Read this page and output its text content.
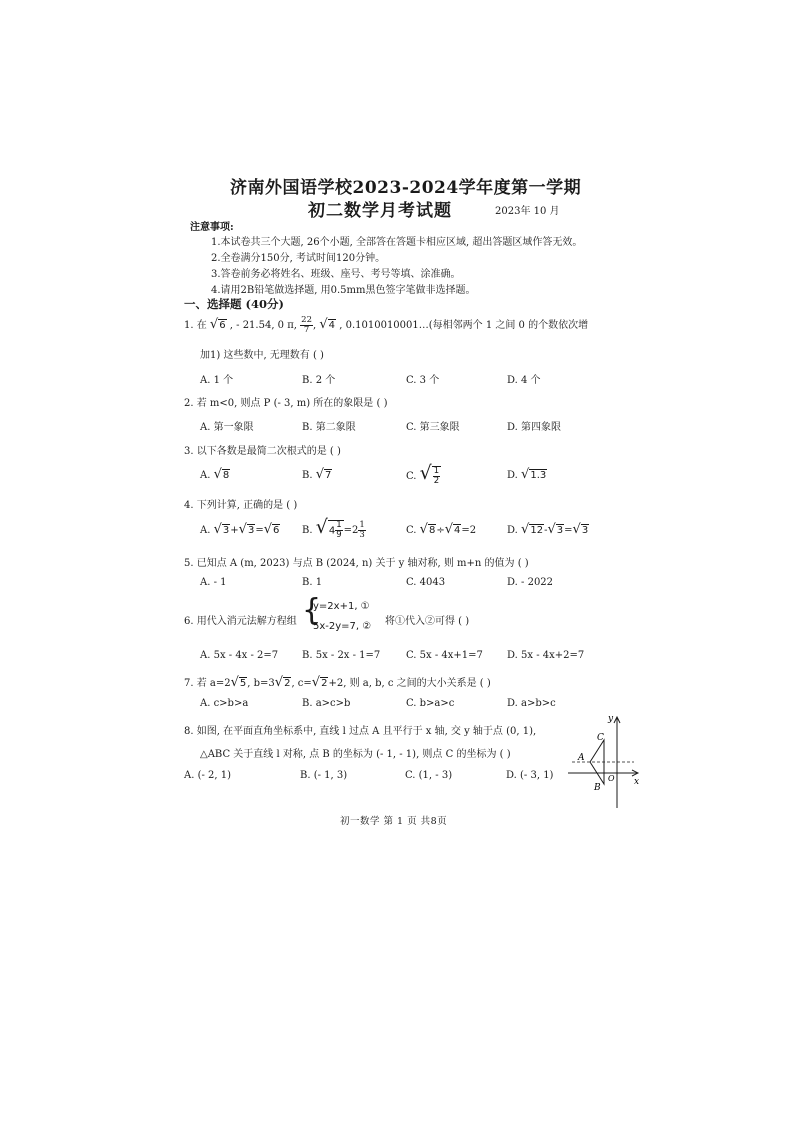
济南外国语学校2023-2024学年度第一学期
初二数学月考试题	2023年 10 月
注意事项:
1.本试卷共三个大题, 26个小题, 全部答在答题卡相应区域, 超出答题区域作答无效。
2.全卷满分150分, 考试时间120分钟。
3.答卷前务必将姓名、班级、座号、考号等填、涂准确。
4.请用2B铅笔做选择题, 用0.5mm黑色签字笔做非选择题。
一、选择题 (40分)
1. 在 √6 , - 21.54, 0 π, $\frac{22}{7}$ , √4 , 0.1010010001…(每相邻两个 1 之间 0 的个数依次增
加1) 这些数中, 无理数有 ( )
A. 1 个	B. 2 个	C. 3 个	D. 4 个
2. 若 m<0, 则点 P (- 3, m) 所在的象限是 ( )
A. 第一象限	B. 第二象限	C. 第三象限	D. 第四象限
3. 以下各数是最简二次根式的是 ( )
A. √8	B. √7	C. √ $\frac{1}{2}$	D. √1.3
4. 下列计算, 正确的是 ( )
A. √3+√3=√6 B. $√4 \frac{1}{9} =2 \frac{1}{3}$	C. √8÷√4=2	D. √12-√3=√3
5. 已知点 A (m, 2023) 与点 B (2024, n) 关于 y 轴对称, 则 m+n 的值为 ( )
A. - 1	B. 1	C. 4043	D. - 2022
6. 用代入消元法解方程组 {
y=2x+1, ①
5x-2y=7, ② 将①代入②可得 ( )
A. 5x - 4x - 2=7 B. 5x - 2x - 1=7	C. 5x - 4x+1=7 D. 5x - 4x+2=7
7. 若 a=2√5, b=3√2, c=√2+2, 则 a, b, c 之间的大小关系是 ( )
A. c>b>a	B. a>c>b	C. b>a>c	D. a>b>c
8. 如图, 在平面直角坐标系中, 直线 l 过点 A 且平行于 x 轴, 交 y 轴于点 (0, 1),
△ABC 关于直线 l 对称, 点 B 的坐标为 (- 1, - 1), 则点 C 的坐标为 ( )
A. (- 2, 1)	B. (- 1, 3)	C. (1, - 3)	D. (- 3, 1)
y
x
A
C
B
O
初一数学 第 1 页 共8页
